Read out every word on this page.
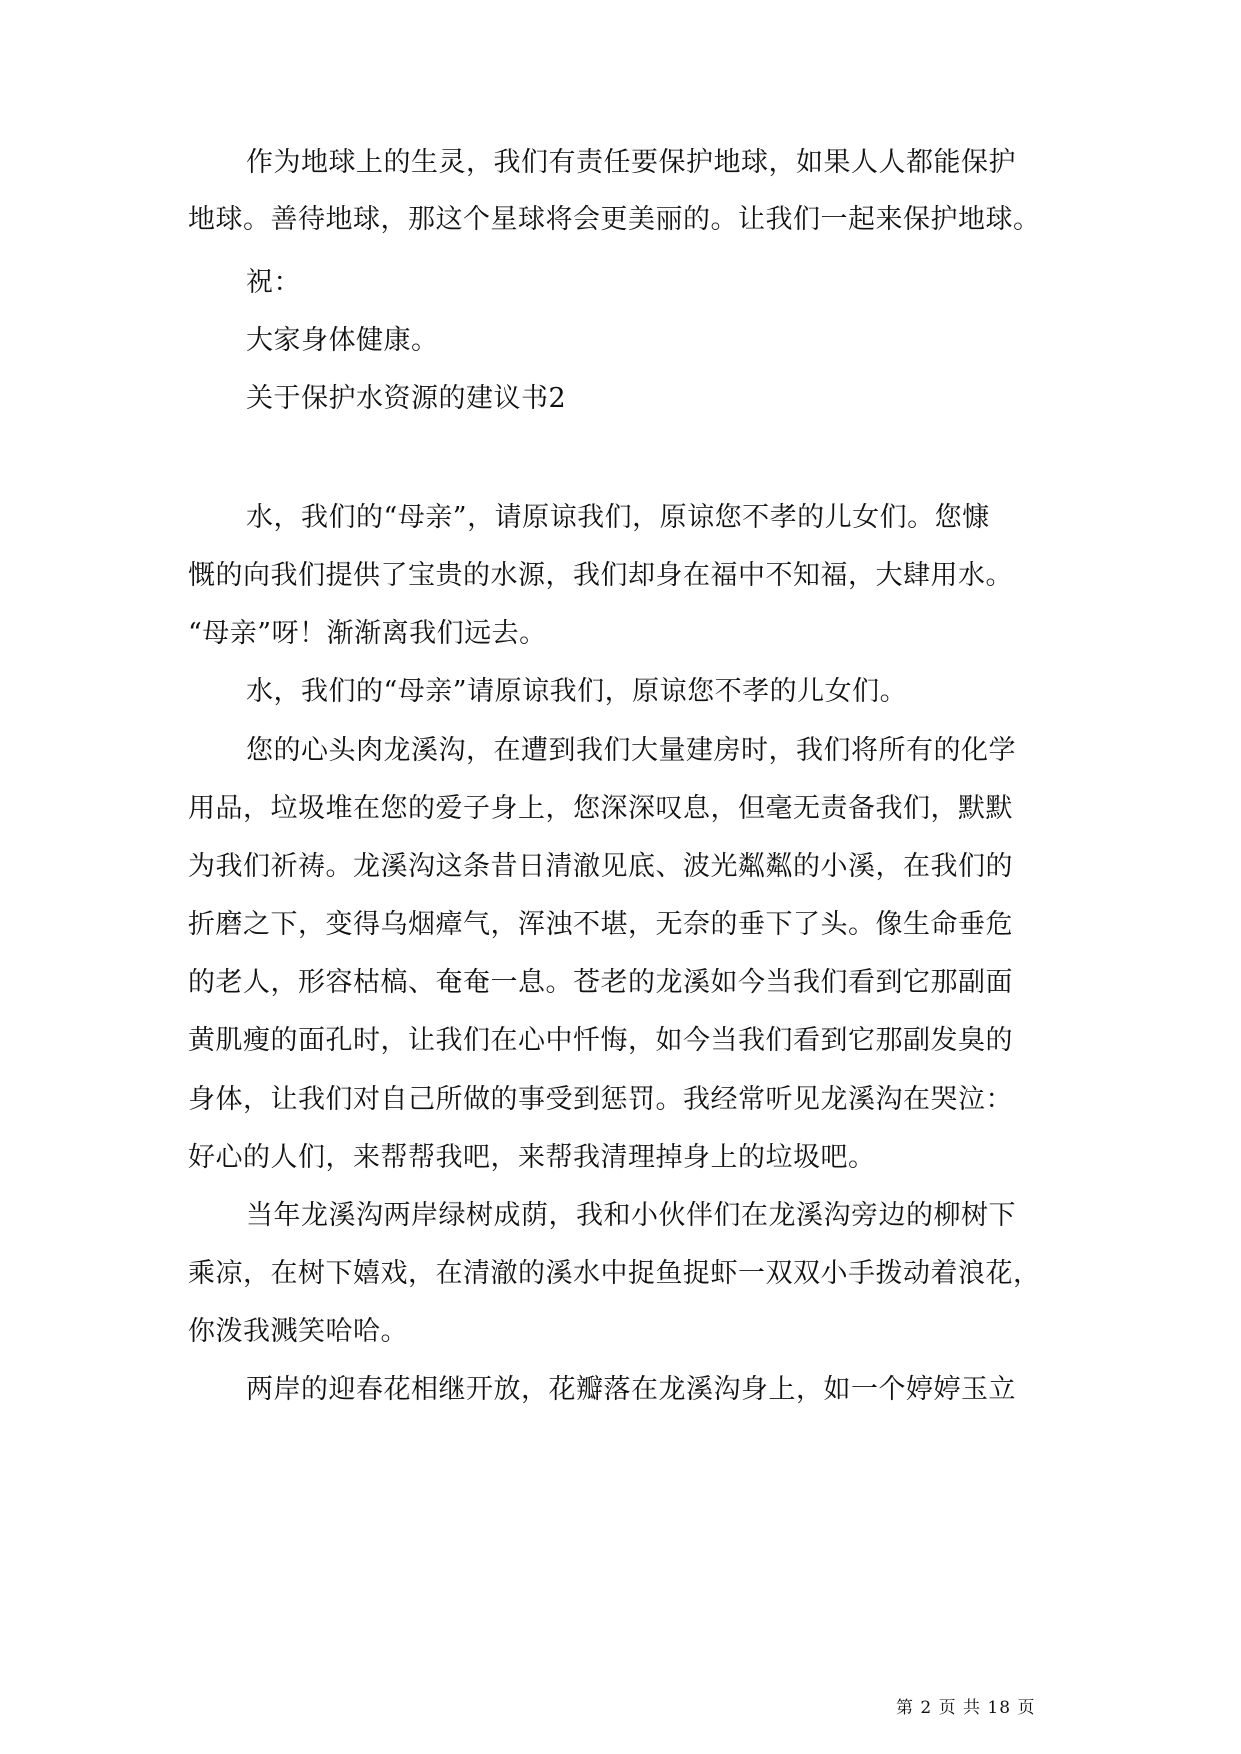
作为地球上的生灵，我们有责任要保护地球，如果人人都能保护
地球。善待地球，那这个星球将会更美丽的。让我们一起来保护地球。
祝：
大家身体健康。
关于保护水资源的建议书2
水，我们的“母亲”，请原谅我们，原谅您不孝的儿女们。您慷
慨的向我们提供了宝贵的水源，我们却身在福中不知福，大肆用水。
“母亲”呀！渐渐离我们远去。
水，我们的“母亲”请原谅我们，原谅您不孝的儿女们。
您的心头肉龙溪沟，在遭到我们大量建房时，我们将所有的化学
用品，垃圾堆在您的爱子身上，您深深叹息，但毫无责备我们，默默
为我们祈祷。龙溪沟这条昔日清澈见底、波光粼粼的小溪，在我们的
折磨之下，变得乌烟瘴气，浑浊不堪，无奈的垂下了头。像生命垂危
的老人，形容枯槁、奄奄一息。苍老的龙溪如今当我们看到它那副面
黄肌瘦的面孔时，让我们在心中忏悔，如今当我们看到它那副发臭的
身体，让我们对自己所做的事受到惩罚。我经常听见龙溪沟在哭泣：
好心的人们，来帮帮我吧，来帮我清理掉身上的垃圾吧。
当年龙溪沟两岸绿树成荫，我和小伙伴们在龙溪沟旁边的柳树下
乘凉，在树下嬉戏，在清澈的溪水中捉鱼捉虾一双双小手拨动着浪花，
你泼我溅笑哈哈。
两岸的迎春花相继开放，花瓣落在龙溪沟身上，如一个婷婷玉立
第 2 页 共 18 页
